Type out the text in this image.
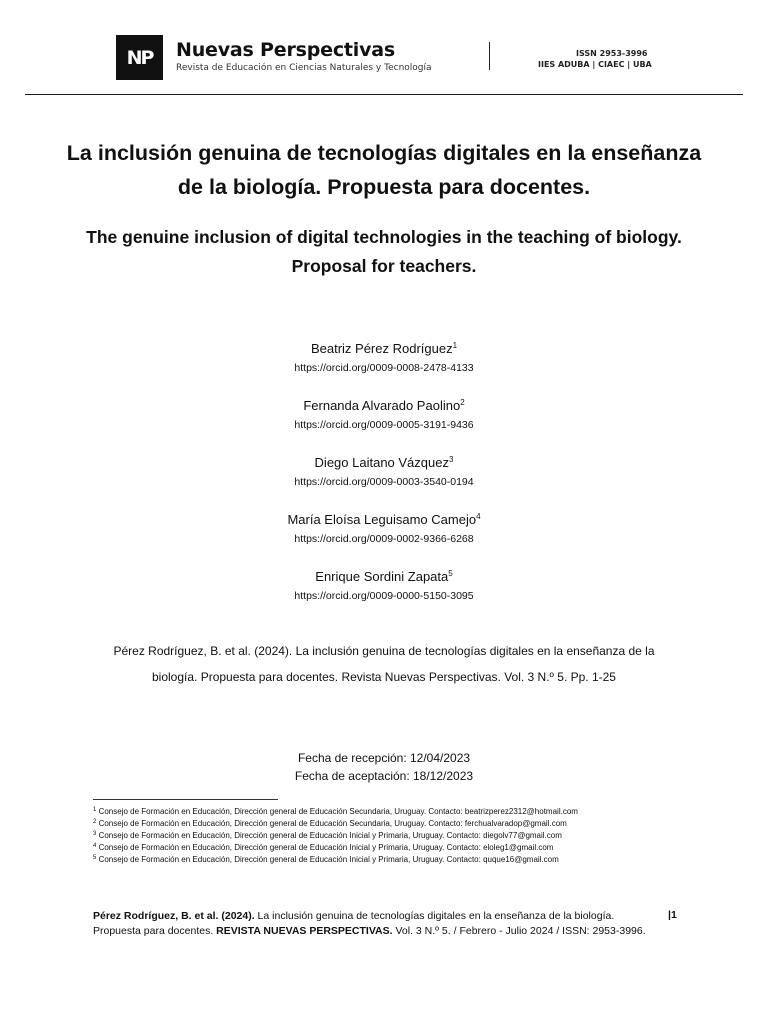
NP	Nuevas Perspectivas
Revista de Educación en Ciencias Naturales y Tecnología
ISSN 2953-3996
IIES ADUBA | CIAEC | UBA
La inclusión genuina de tecnologías digitales en la enseñanza de la biología. Propuesta para docentes.
The genuine inclusion of digital technologies in the teaching of biology. Proposal for teachers.
Beatriz Pérez Rodríguez$^1$
https://orcid.org/0009-0008-2478-4133
Fernanda Alvarado Paolino$^2$
https://orcid.org/0009-0005-3191-9436
Diego Laitano Vázquez$^3$
https://orcid.org/0009-0003-3540-0194
María Eloísa Leguisamo Camejo$^4$
https://orcid.org/0009-0002-9366-6268
Enrique Sordini Zapata$^5$
https://orcid.org/0009-0000-5150-3095
Pérez Rodríguez, B. et al. (2024). La inclusión genuina de tecnologías digitales en la enseñanza de la biología. Propuesta para docentes. Revista Nuevas Perspectivas. Vol. 3 N.º 5. Pp. 1-25
Fecha de recepción: 12/04/2023
Fecha de aceptación: 18/12/2023
$^1$ Consejo de Formación en Educación, Dirección general de Educación Secundaria, Uruguay. Contacto: beatrizperez2312@hotmail.com
$^2$ Consejo de Formación en Educación, Dirección general de Educación Secundaria, Uruguay. Contacto: ferchualvaradop@gmail.com
$^3$ Consejo de Formación en Educación, Dirección general de Educación Inicial y Primaria, Uruguay. Contacto: diegolv77@gmail.com
$^4$ Consejo de Formación en Educación, Dirección general de Educación Inicial y Primaria, Uruguay. Contacto: eloleg1@gmail.com
$^5$ Consejo de Formación en Educación, Dirección general de Educación Inicial y Primaria, Uruguay. Contacto: quque16@gmail.com
Pérez Rodríguez, B. et al. (2024). La inclusión genuina de tecnologías digitales en la enseñanza de la biología. Propuesta para docentes. REVISTA NUEVAS PERSPECTIVAS. Vol. 3 N.º 5. / Febrero - Julio 2024 / ISSN: 2953-3996.
|1
